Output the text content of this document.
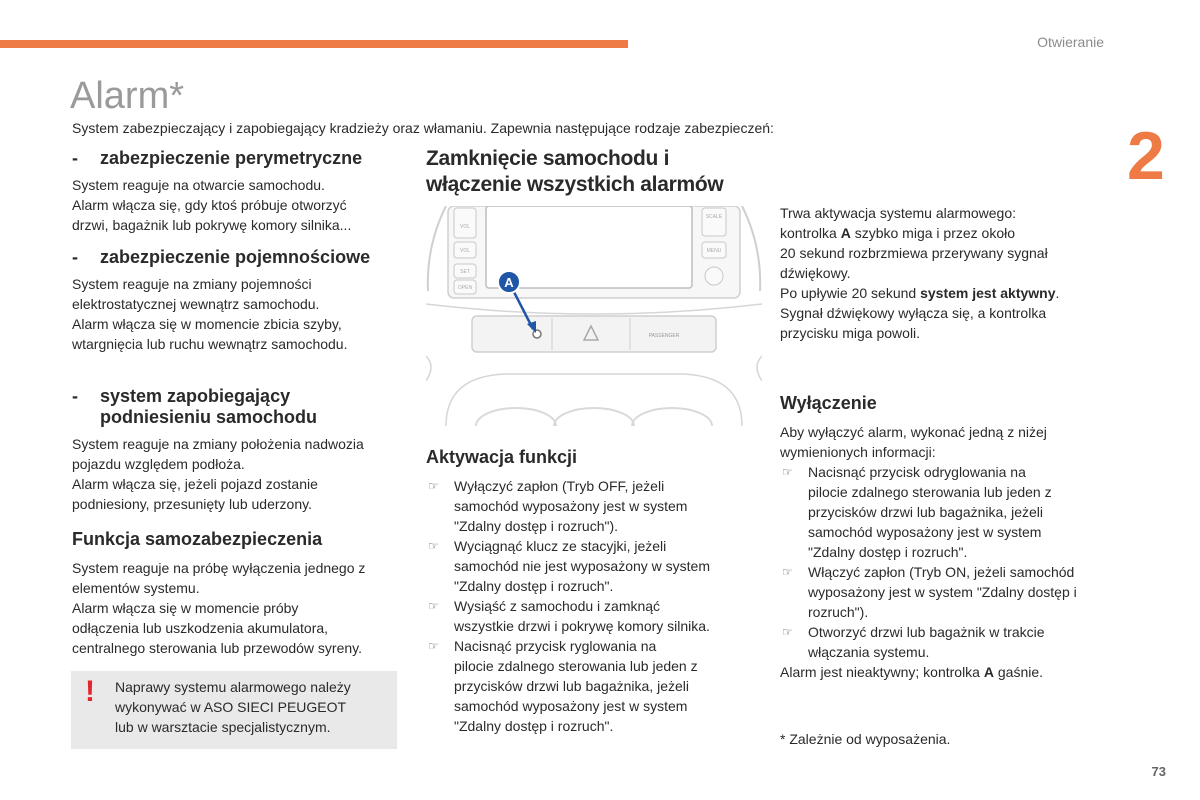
Otwieranie
2
Alarm*
System zabezpieczający i zapobiegający kradzieży oraz włamaniu. Zapewnia następujące rodzaje zabezpieczeń:
-	zabezpieczenie perymetryczne

System reaguje na otwarcie samochodu.

Alarm włącza się, gdy ktoś próbuje otworzyć

drzwi, bagażnik lub pokrywę komory silnika...

-	zabezpieczenie pojemnościowe

System reaguje na zmiany pojemności

elektrostatycznej wewnątrz samochodu.

Alarm włącza się w momencie zbicia szyby,

wtargnięcia lub ruchu wewnątrz samochodu.

-	system zapobiegający
podniesieniu samochodu

System reaguje na zmiany położenia nadwozia

pojazdu względem podłoża.

Alarm włącza się, jeżeli pojazd zostanie

podniesiony, przesunięty lub uderzony.

Funkcja samozabezpieczenia

System reaguje na próbę wyłączenia jednego z

elementów systemu.

Alarm włącza się w momencie próby

odłączenia lub uszkodzenia akumulatora,

centralnego sterowania lub przewodów syreny.

! Naprawy systemu alarmowego należy

wykonywać w ASO SIECI PEUGEOT

lub w warsztacie specjalistycznym.

Zamknięcie samochodu i

włączenie wszystkich alarmów

VOL
VOL
SET
OPEN
SCALE
MENU
PASSENGER
A

Aktywacja funkcji

☞ Wyłączyć zapłon (Tryb OFF, jeżeli

samochód wyposażony jest w system

"Zdalny dostęp i rozruch").

☞ Wyciągnąć klucz ze stacyjki, jeżeli

samochód nie jest wyposażony w system

"Zdalny dostęp i rozruch".

☞ Wysiąść z samochodu i zamknąć

wszystkie drzwi i pokrywę komory silnika.

☞ Nacisnąć przycisk ryglowania na

pilocie zdalnego sterowania lub jeden z

przycisków drzwi lub bagażnika, jeżeli

samochód wyposażony jest w system

"Zdalny dostęp i rozruch".

Trwa aktywacja systemu alarmowego:

kontrolka A szybko miga i przez około

20 sekund rozbrzmiewa przerywany sygnał

dźwiękowy.

Po upływie 20 sekund system jest aktywny.

Sygnał dźwiękowy wyłącza się, a kontrolka

przycisku miga powoli.

Wyłączenie

Aby wyłączyć alarm, wykonać jedną z niżej

wymienionych informacji:

☞ Nacisnąć przycisk odryglowania na

pilocie zdalnego sterowania lub jeden z

przycisków drzwi lub bagażnika, jeżeli

samochód wyposażony jest w system

"Zdalny dostęp i rozruch".

☞ Włączyć zapłon (Tryb ON, jeżeli samochód

wyposażony jest w system "Zdalny dostęp i

rozruch").

☞ Otworzyć drzwi lub bagażnik w trakcie

włączania systemu.

Alarm jest nieaktywny; kontrolka A gaśnie.

* Zależnie od wyposażenia.
73
